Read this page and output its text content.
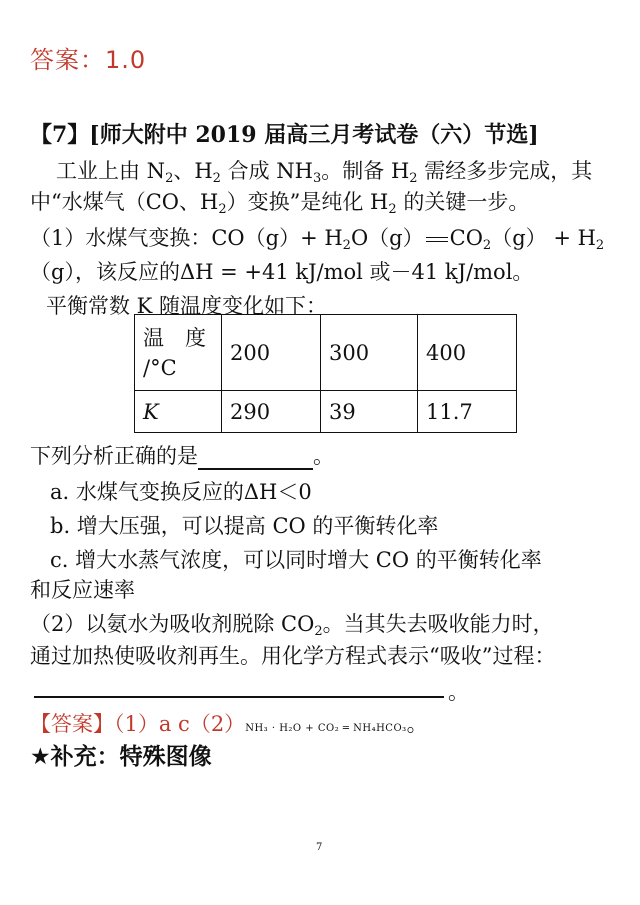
答案：1.0
【7】[师大附中 2019 届高三月考试卷（六）节选]
工业上由 $N_2$、$H_2$ 合成 $NH_3$。制备 $H_2$ 需经多步完成，其
中“水煤气（CO、$H_2$）变换”是纯化 $H_2$ 的关键一步。
（1）水煤气变换：$CO(g)+ H_2O(g) CO_2(g) + H_2$
（g），该反应的ΔH = +41 kJ/mol 或－41 kJ/mol。
平衡常数 K 随温度变化如下：
温　度
/°C	200	300	400
K	290	39	11.7
下列分析正确的是	。
a. 水煤气变换反应的ΔH＜0
b. 增大压强，可以提高 CO 的平衡转化率
c. 增大水蒸气浓度，可以同时增大 CO 的平衡转化率
和反应速率
（2）以氨水为吸收剂脱除 $CO_2$。当其失去吸收能力时，
通过加热使吸收剂再生。用化学方程式表示“吸收”过程：
。
【答案】（1）a c（2）NH₃ · H₂O + CO₂ ═ NH₄HCO₃。
★补充：特殊图像
7
